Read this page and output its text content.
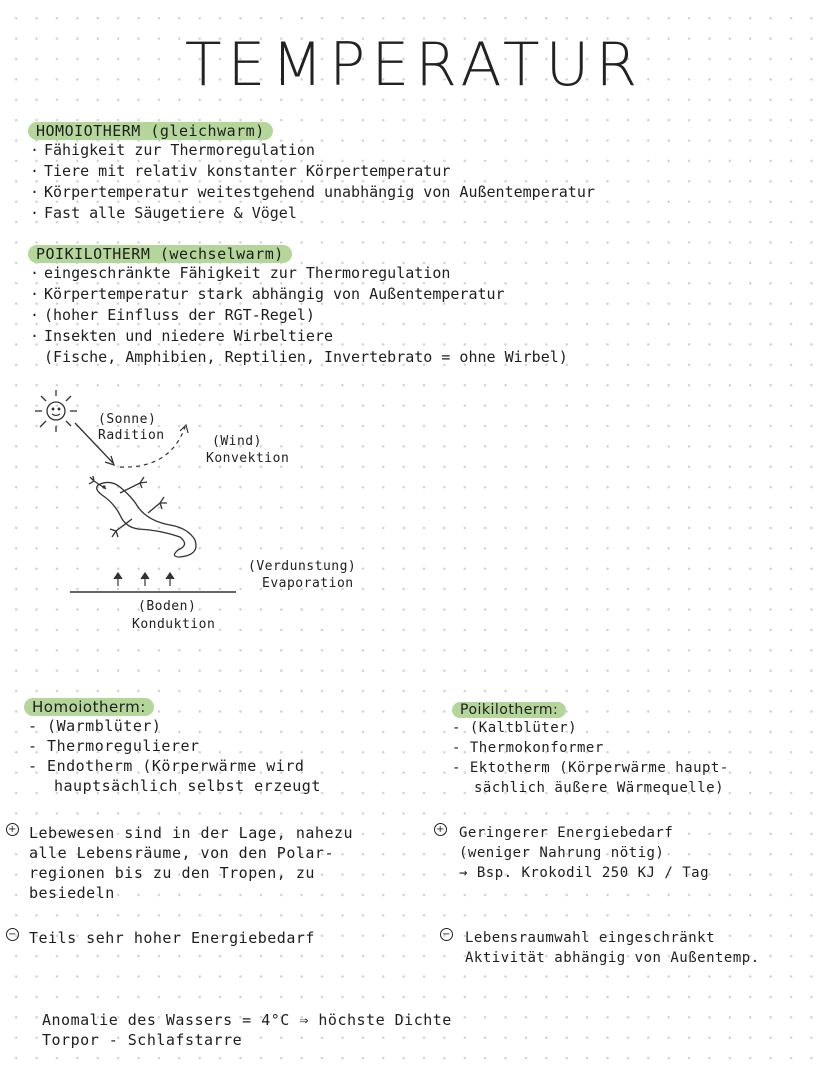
TEMPERATUR
HOMOIOTHERM (gleichwarm)
· Fähigkeit zur Thermoregulation
· Tiere mit relativ konstanter Körpertemperatur
· Körpertemperatur weitestgehend unabhängig von Außentemperatur
· Fast alle Säugetiere & Vögel
POIKILOTHERM (wechselwarm)
· eingeschränkte Fähigkeit zur Thermoregulation
· Körpertemperatur stark abhängig von Außentemperatur
· (hoher Einfluss der RGT-Regel)
· Insekten und niedere Wirbeltiere
(Fische, Amphibien, Reptilien, Invertebrato = ohne Wirbel)
(Sonne)
Radition	(Wind)
Konvektion
(Verdunstung)
Evaporation
(Boden)
Konduktion
Homoiotherm:
- (Warmblüter)
- Thermoregulierer
- Endotherm (Körperwärme wird
hauptsächlich selbst erzeugt
+ Lebewesen sind in der Lage, nahezu
alle Lebensräume, von den Polar-
regionen bis zu den Tropen, zu
besiedeln
− Teils sehr hoher Energiebedarf
Poikilotherm:
- (Kaltblüter)
- Thermokonformer
- Ektotherm (Körperwärme haupt-
sächlich äußere Wärmequelle)
+ Geringerer Energiebedarf
(weniger Nahrung nötig)
→ Bsp. Krokodil 250 KJ / Tag
− Lebensraumwahl eingeschränkt
Aktivität abhängig von Außentemp.
Anomalie des Wassers = 4°C ⇒ höchste Dichte
Torpor - Schlafstarre
